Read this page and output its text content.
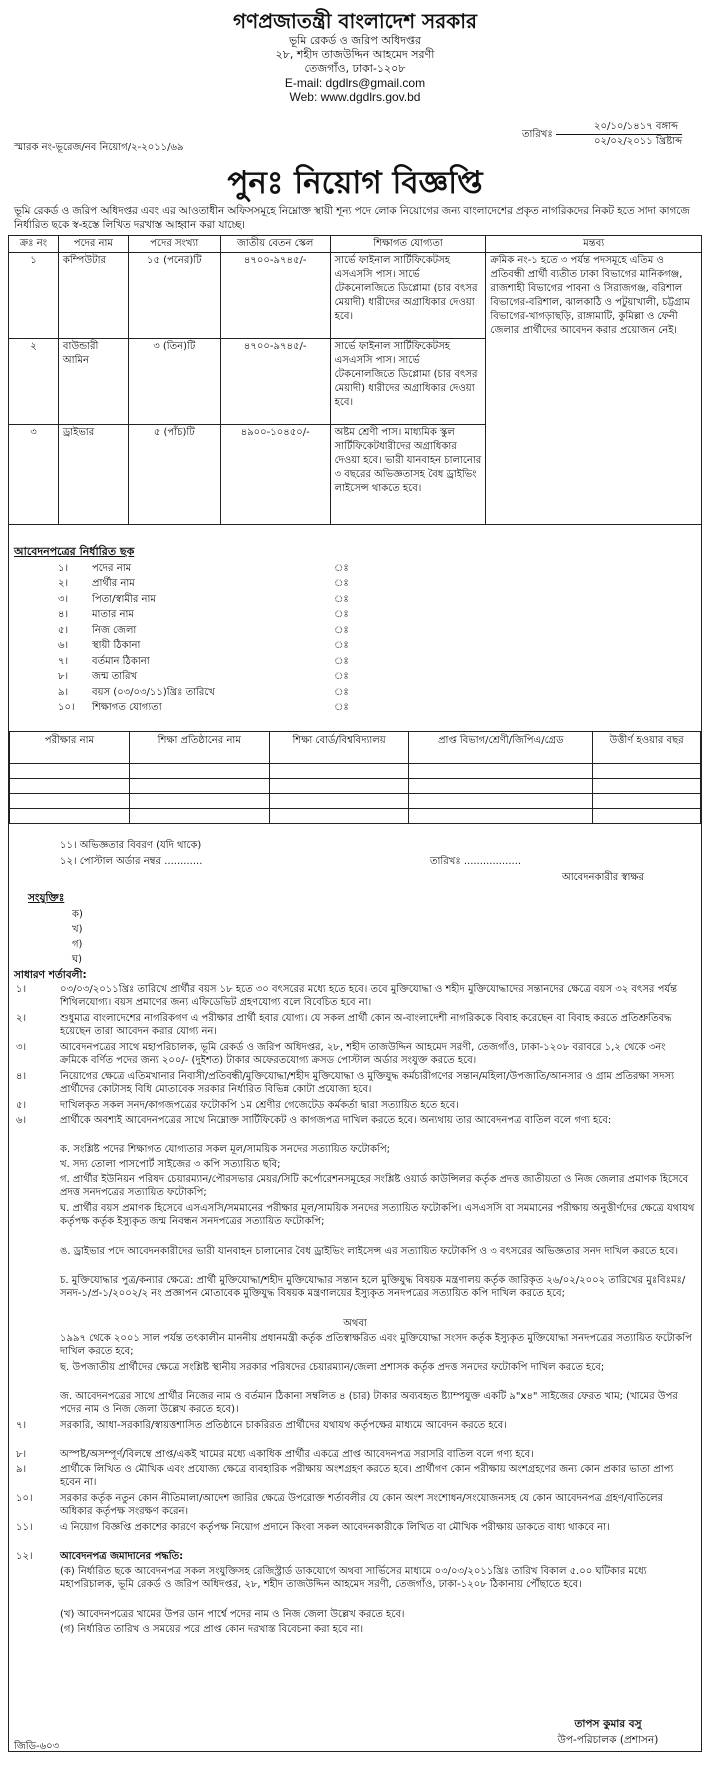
গণপ্রজাতন্ত্রী বাংলাদেশ সরকার
ভূমি রেকর্ড ও জরিপ অধিদপ্তর
২৮, শহীদ তাজউদ্দিন আহমেদ সরণী
তেজগাঁও, ঢাকা-১২০৮
E-mail: dgdlrs@gmail.com
Web: www.dgdlrs.gov.bd
স্মারক নং-ভূরেজ/নব নিয়োগ/২-২০১১/৬৯
তারিখঃ
২০/১০/১৪১৭ বঙ্গাব্দ
০২/০২/২০১১ খ্রিষ্টাব্দ
পুনঃ নিয়োগ বিজ্ঞপ্তি
ভূমি রেকর্ড ও জরিপ অধিদপ্তর এবং এর আওতাধীন অফিসসমূহে নিম্নোক্ত স্থায়ী শূন্য পদে লোক নিয়োগের জন্য বাংলাদেশের প্রকৃত নাগরিকদের নিকট হতে সাদা কাগজে নির্ধারিত ছকে স্ব-হস্তে লিখিত দরখাস্ত আহ্বান করা যাচ্ছে।
ক্রঃ নং	পদের নাম	পদের সংখ্যা	জাতীয় বেতন স্কেল	শিক্ষাগত যোগ্যতা	মন্তব্য
১	কম্পিউটার	১৫ (পনের)টি	৪৭০০-৯৭৪৫/-	সার্ভে ফাইনাল সার্টিফিকেটসহ এসএসসি পাস। সার্ভে টেকনোলজিতে ডিপ্লোমা (চার বৎসর মেয়াদী) ধারীদের অগ্রাধিকার দেওয়া হবে।	ক্রমিক নং-১ হতে ৩ পর্যন্ত পদসমূহে এতিম ও প্রতিবন্ধী প্রার্থী ব্যতীত ঢাকা বিভাগের মানিকগঞ্জ, রাজশাহী বিভাগের পাবনা ও সিরাজগঞ্জ, বরিশাল বিভাগের-বরিশাল, ঝালকাঠি ও পটুয়াখালী, চট্টগ্রাম বিভাগের-খাগড়াছড়ি, রাঙ্গামাটি, কুমিল্লা ও ফেনী জেলার প্রার্থীদের আবেদন করার প্রয়োজন নেই।
২	বাউন্ডারী আমিন	৩ (তিন)টি	৪৭০০-৯৭৪৫/-	সার্ভে ফাইনাল সার্টিফিকেটসহ এসএসসি পাস। সার্ভে টেকনোলজিতে ডিপ্লোমা (চার বৎসর মেয়াদী) ধারীদের অগ্রাধিকার দেওয়া হবে।	
৩	ড্রাইভার	৫ (পাঁচ)টি	৪৯০০-১০৪৫০/-	অষ্টম শ্রেণী পাস। মাধ্যমিক স্কুল সার্টিফিকেটধারীদের অগ্রাধিকার দেওয়া হবে। ভারী যানবাহন চালানোর ৩ বছরের অভিজ্ঞতাসহ বৈধ ড্রাইভিং লাইসেন্স থাকতে হবে।	
আবেদনপত্রের নির্ধারিত ছক
১।	পদের নাম	ঃ
২।	প্রার্থীর নাম	ঃ
৩।	পিতা/স্বামীর নাম	ঃ
৪।	মাতার নাম	ঃ
৫।	নিজ জেলা	ঃ
৬।	স্থায়ী ঠিকানা	ঃ
৭।	বর্তমান ঠিকানা	ঃ
৮।	জন্ম তারিখ	ঃ
৯।	বয়স (০৩/০৩/১১)খ্রিঃ তারিখে	ঃ
১০।	শিক্ষাগত যোগ্যতা	ঃ
পরীক্ষার নাম	শিক্ষা প্রতিষ্ঠানের নাম	শিক্ষা বোর্ড/বিশ্ববিদ্যালয়	প্রাপ্ত বিভাগ/শ্রেণী/জিপিএ/গ্রেড	উত্তীর্ণ হওয়ার বছর

১১। অভিজ্ঞতার বিবরণ (যদি থাকে)
১২। পোস্টাল অর্ডার নম্বর ............	তারিখঃ ..................
আবেদনকারীর স্বাক্ষর
সংযুক্তিঃ
ক)
খ)
গ)
ঘ)
সাধারণ শর্তাবলী:
১।	০৩/০৩/২০১১খ্রিঃ তারিখে প্রার্থীর বয়স ১৮ হতে ৩০ বৎসরের মধ্যে হতে হবে। তবে মুক্তিযোদ্ধা ও শহীদ মুক্তিযোদ্ধাদের সন্তানদের ক্ষেত্রে বয়স ৩২ বৎসর পর্যন্ত শিথিলযোগ্য। বয়স প্রমাণের জন্য এফিডেভিট গ্রহণযোগ্য বলে বিবেচিত হবে না।
২।	শুধুমাত্র বাংলাদেশের নাগরিকগণ এ পরীক্ষার প্রার্থী হবার যোগ্য। যে সকল প্রার্থী কোন অ-বাংলাদেশী নাগরিককে বিবাহ করেছেন বা বিবাহ করতে প্রতিশ্রুতিবদ্ধ হয়েছেন তারা আবেদন করার যোগ্য নন।
৩।	আবেদনপত্রের সাথে মহাপরিচালক, ভূমি রেকর্ড ও জরিপ অধিদপ্তর, ২৮, শহীদ তাজউদ্দিন আহমেদ সরণী, তেজগাঁও, ঢাকা-১২০৮ বরাবরে ১,২ থেকে ৩নং ক্রমিকে বর্ণিত পদের জন্য ২০০/- (দুইশত) টাকার অফেরতযোগ্য ক্রসড পোস্টাল অর্ডার সংযুক্ত করতে হবে।
৪।	নিয়োগের ক্ষেত্রে এতিমখানার নিবাসী/প্রতিবন্ধী/মুক্তিযোদ্ধা/শহীদ মুক্তিযোদ্ধা ও মুক্তিযুদ্ধ কর্মচারীগণের সন্তান/মহিলা/উপজাতি/আনসার ও গ্রাম প্রতিরক্ষা সদস্য প্রার্থীদের কোটাসহ বিধি মোতাবেক সরকার নির্ধারিত বিভিন্ন কোটা প্রযোজ্য হবে।
৫।	দাখিলকৃত সকল সনদ/কাগজপত্রের ফটোকপি ১ম শ্রেণীর গেজেটেড কর্মকর্তা দ্বারা সত্যায়িত হতে হবে।
৬।	প্রার্থীকে অবশ্যই আবেদনপত্রের সাথে নিম্নোক্ত সার্টিফিকেট ও কাগজপত্র দাখিল করতে হবে। অন্যথায় তার আবেদনপত্র বাতিল বলে গণ্য হবে:
ক. সংশ্লিষ্ট পদের শিক্ষাগত যোগ্যতার সকল মূল/সাময়িক সনদের সত্যায়িত ফটোকপি;
খ. সদ্য তোলা পাসপোর্ট সাইজের ৩ কপি সত্যায়িত ছবি;
গ. প্রার্থীর ইউনিয়ন পরিষদ চেয়ারম্যান/পৌরসভার মেয়র/সিটি কর্পোরেশনসমূহের সংশ্লিষ্ট ওয়ার্ড কাউন্সিলর কর্তৃক প্রদত্ত জাতীয়তা ও নিজ জেলার প্রমাণক হিসেবে প্রদত্ত সনদপত্রের সত্যায়িত ফটোকপি;
ঘ. প্রার্থীর বয়স প্রমাণক হিসেবে এসএসসি/সমমানের পরীক্ষার মূল/সাময়িক সনদের সত্যায়িত ফটোকপি। এসএসসি বা সমমানের পরীক্ষায় অনুত্তীর্ণদের ক্ষেত্রে যথাযথ কর্তৃপক্ষ কর্তৃক ইস্যুকৃত জন্ম নিবন্ধন সনদপত্রের সত্যায়িত ফটোকপি;
ঙ. ড্রাইভার পদে আবেদনকারীদের ভারী যানবাহন চালানোর বৈধ ড্রাইভিং লাইসেন্স এর সত্যায়িত ফটোকপি ও ৩ বৎসরের অভিজ্ঞতার সনদ দাখিল করতে হবে।
চ. মুক্তিযোদ্ধার পুত্র/কন্যার ক্ষেত্রে: প্রার্থী মুক্তিযোদ্ধা/শহীদ মুক্তিযোদ্ধার সন্তান হলে মুক্তিযুদ্ধ বিষয়ক মন্ত্রণালয় কর্তৃক জারিকৃত ২৬/০২/২০০২ তারিখের মুঃবিঃমঃ/সনদ-১/প্র-১/২০০২/২ নং প্রজ্ঞাপন মোতাবেক মুক্তিযুদ্ধ বিষয়ক মন্ত্রণালয়ের ইস্যুকৃত সনদপত্রের সত্যায়িত কপি দাখিল করতে হবে;
অথবা
১৯৯৭ থেকে ২০০১ সাল পর্যন্ত তৎকালীন মাননীয় প্রধানমন্ত্রী কর্তৃক প্রতিস্বাক্ষরিত এবং মুক্তিযোদ্ধা সংসদ কর্তৃক ইস্যুকৃত মুক্তিযোদ্ধা সনদপত্রের সত্যায়িত ফটোকপি দাখিল করতে হবে;
ছ. উপজাতীয় প্রার্থীদের ক্ষেত্রে সংশ্লিষ্ট স্থানীয় সরকার পরিষদের চেয়ারম্যান/জেলা প্রশাসক কর্তৃক প্রদত্ত সনদের ফটোকপি দাখিল করতে হবে;
জ. আবেদনপত্রের সাথে প্রার্থীর নিজের নাম ও বর্তমান ঠিকানা সম্বলিত ৪ (চার) টাকার অব্যবহৃত ষ্ট্যাম্পযুক্ত একটি ৯"x৪" সাইজের ফেরত খাম; (খামের উপর পদের নাম ও নিজ জেলা উল্লেখ করতে হবে)।
৭।	সরকারি, আধা-সরকারি/স্বায়ত্তশাসিত প্রতিষ্ঠানে চাকরিরত প্রার্থীদের যথাযথ কর্তৃপক্ষের মাধ্যমে আবেদন করতে হবে।
৮।	অস্পষ্ট/অসম্পূর্ণ/বিলম্বে প্রাপ্ত/একই খামের মধ্যে একাধিক প্রার্থীর একত্রে প্রাপ্ত আবেদনপত্র সরাসরি বাতিল বলে গণ্য হবে।
৯।	প্রার্থীকে লিখিত ও মৌখিক এবং প্রযোজ্য ক্ষেত্রে ব্যবহারিক পরীক্ষায় অংশগ্রহণ করতে হবে। প্রার্থীগণ কোন পরীক্ষায় অংশগ্রহণের জন্য কোন প্রকার ভাতা প্রাপ্য হবেন না।
১০।	সরকার কর্তৃক নতুন কোন নীতিমালা/আদেশ জারির ক্ষেত্রে উপরোক্ত শর্তাবলীর যে কোন অংশ সংশোধন/সংযোজনসহ যে কোন আবেদনপত্র গ্রহণ/বাতিলের অধিকার কর্তৃপক্ষ সংরক্ষণ করেন।
১১।	এ নিয়োগ বিজ্ঞপ্তি প্রকাশের কারণে কর্তৃপক্ষ নিয়োগ প্রদানে কিংবা সকল আবেদনকারীকে লিখিত বা মৌখিক পরীক্ষায় ডাকতে বাধ্য থাকবে না।
১২।	আবেদনপত্র জমাদানের পদ্ধতি:
(ক) নির্ধারিত ছকে আবেদনপত্র সকল সংযুক্তিসহ রেজিস্ট্রার্ড ডাকযোগে অথবা সার্ভিসের মাধ্যমে ০৩/০৩/২০১১খ্রিঃ তারিখ বিকাল ৫.০০ ঘটিকার মধ্যে মহাপরিচালক, ভূমি রেকর্ড ও জরিপ অধিদপ্তর, ২৮, শহীদ তাজউদ্দিন আহমেদ সরণী, তেজগাঁও, ঢাকা-১২০৮ ঠিকানায় পৌঁছাতে হবে।
(খ) আবেদনপত্রের খামের উপর ডান পার্শ্বে পদের নাম ও নিজ জেলা উল্লেখ করতে হবে।
(গ) নির্ধারিত তারিখ ও সময়ের পরে প্রাপ্ত কোন দরখাস্ত বিবেচনা করা হবে না।
তাপস কুমার বসু
উপ-পরিচালক (প্রশাসন)
জিডি-৬০৩
